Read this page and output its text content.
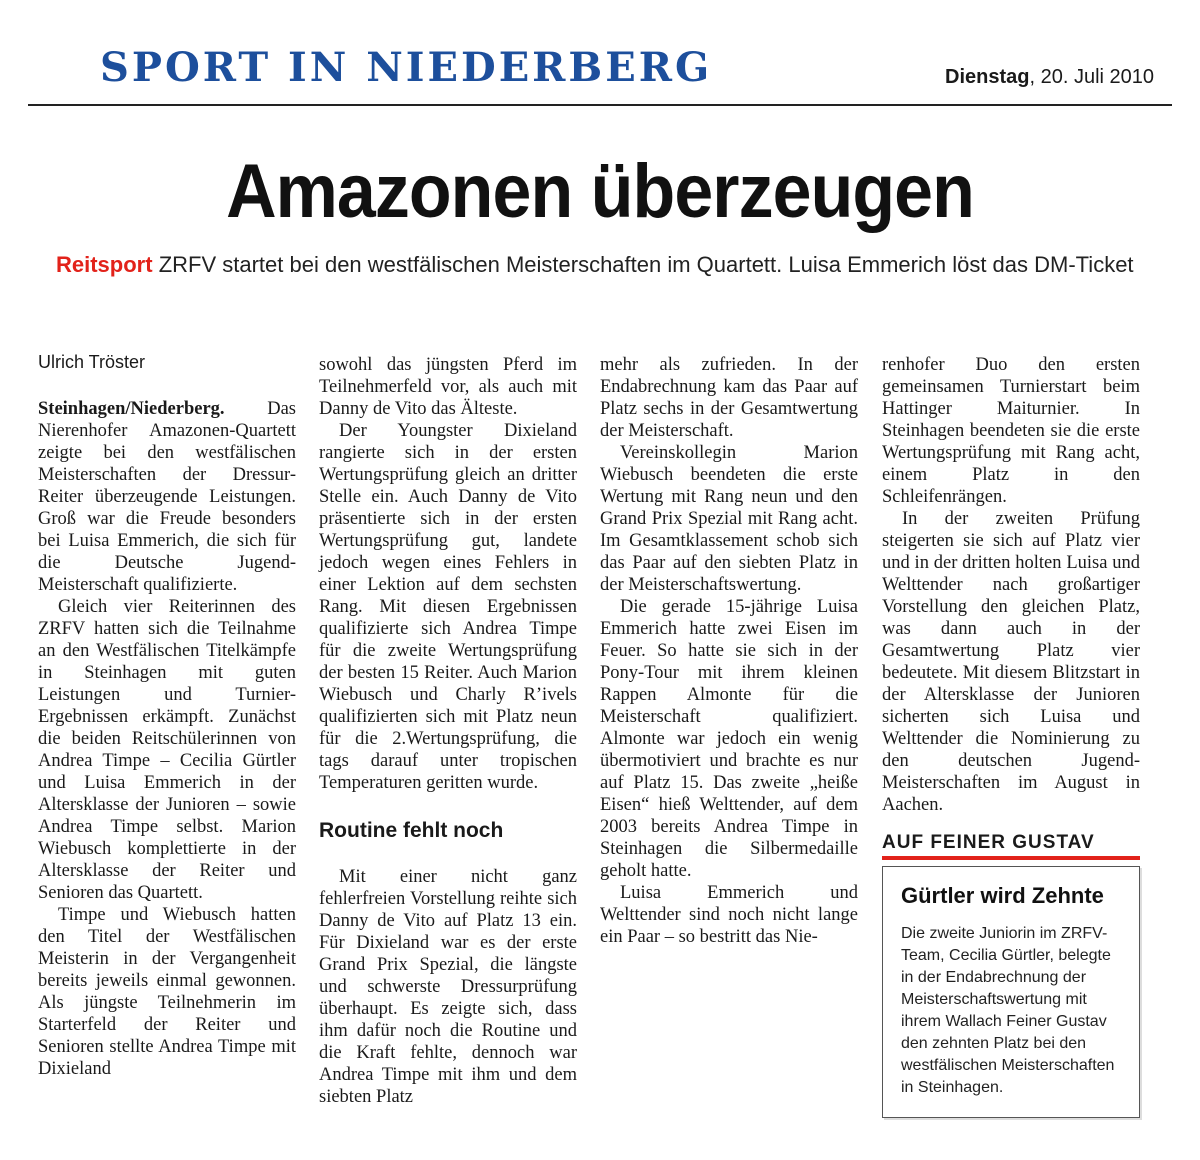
SPORT IN NIEDERBERG	Dienstag, 20. Juli 2010
Amazonen überzeugen
Reitsport ZRFV startet bei den westfälischen Meisterschaften im Quartett. Luisa Emmerich löst das DM-Ticket
Ulrich Tröster

Steinhagen/Niederberg. Das Nierenhofer Amazonen-Quartett zeigte bei den westfälischen Meisterschaften der Dressur-Reiter überzeugende Leistungen. Groß war die Freude besonders bei Luisa Emmerich, die sich für die Deutsche Jugend-Meisterschaft qualifizierte.

Gleich vier Reiterinnen des ZRFV hatten sich die Teilnahme an den Westfälischen Titelkämpfe in Steinhagen mit guten Leistungen und Turnier-Ergebnissen erkämpft. Zunächst die beiden Reitschülerinnen von Andrea Timpe – Cecilia Gürtler und Luisa Emmerich in der Altersklasse der Junioren – sowie Andrea Timpe selbst. Marion Wiebusch komplettierte in der Altersklasse der Reiter und Senioren das Quartett.

Timpe und Wiebusch hatten den Titel der Westfälischen Meisterin in der Vergangenheit bereits jeweils einmal gewonnen. Als jüngste Teilnehmerin im Starterfeld der Reiter und Senioren stellte Andrea Timpe mit Dixieland

sowohl das jüngsten Pferd im Teilnehmerfeld vor, als auch mit Danny de Vito das Älteste.

Der Youngster Dixieland rangierte sich in der ersten Wertungsprüfung gleich an dritter Stelle ein. Auch Danny de Vito präsentierte sich in der ersten Wertungsprüfung gut, landete jedoch wegen eines Fehlers in einer Lektion auf dem sechsten Rang. Mit diesen Ergebnissen qualifizierte sich Andrea Timpe für die zweite Wertungsprüfung der besten 15 Reiter. Auch Marion Wiebusch und Charly R’ivels qualifizierten sich mit Platz neun für die 2.Wertungsprüfung, die tags darauf unter tropischen Temperaturen geritten wurde.

Routine fehlt noch

Mit einer nicht ganz fehlerfreien Vorstellung reihte sich Danny de Vito auf Platz 13 ein. Für Dixieland war es der erste Grand Prix Spezial, die längste und schwerste Dressurprüfung überhaupt. Es zeigte sich, dass ihm dafür noch die Routine und die Kraft fehlte, dennoch war Andrea Timpe mit ihm und dem siebten Platz

mehr als zufrieden. In der Endabrechnung kam das Paar auf Platz sechs in der Gesamtwertung der Meisterschaft.

Vereinskollegin Marion Wiebusch beendeten die erste Wertung mit Rang neun und den Grand Prix Spezial mit Rang acht. Im Gesamtklassement schob sich das Paar auf den siebten Platz in der Meisterschaftswertung.

Die gerade 15-jährige Luisa Emmerich hatte zwei Eisen im Feuer. So hatte sie sich in der Pony-Tour mit ihrem kleinen Rappen Almonte für die Meisterschaft qualifiziert. Almonte war jedoch ein wenig übermotiviert und brachte es nur auf Platz 15. Das zweite „heiße Eisen“ hieß Welttender, auf dem 2003 bereits Andrea Timpe in Steinhagen die Silbermedaille geholt hatte.

Luisa Emmerich und Welttender sind noch nicht lange ein Paar – so bestritt das Nie-

renhofer Duo den ersten gemeinsamen Turnierstart beim Hattinger Maiturnier. In Steinhagen beendeten sie die erste Wertungsprüfung mit Rang acht, einem Platz in den Schleifenrängen.

In der zweiten Prüfung steigerten sie sich auf Platz vier und in der dritten holten Luisa und Welttender nach großartiger Vorstellung den gleichen Platz, was dann auch in der Gesamtwertung Platz vier bedeutete. Mit diesem Blitzstart in der Altersklasse der Junioren sicherten sich Luisa und Welttender die Nominierung zu den deutschen Jugend-Meisterschaften im August in Aachen.

AUF FEINER GUSTAV
Gürtler wird Zehnte

Die zweite Juniorin im ZRFV-Team, Cecilia Gürtler, belegte in der Endabrechnung der Meisterschaftswertung mit ihrem Wallach Feiner Gustav den zehnten Platz bei den westfälischen Meisterschaften in Steinhagen.
